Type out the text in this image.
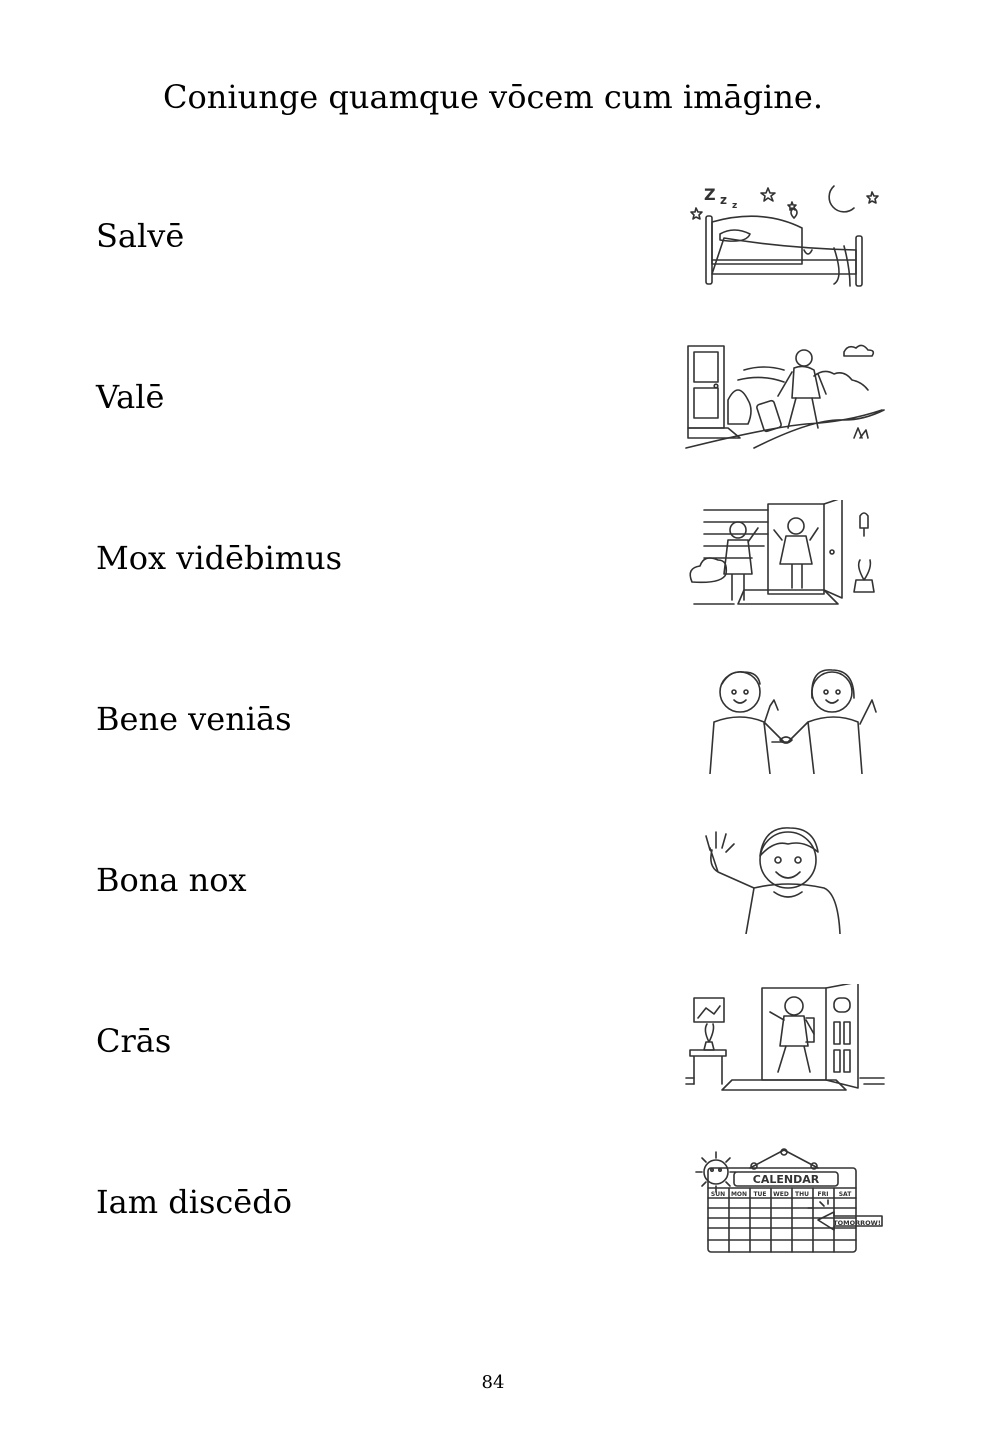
Coniunge quamque vōcem cum imāgine.

Salvē

Valē

Mox vidēbimus

Bene veniās

Bona nox

Crās

Iam discēdō

Z z z
CALENDAR
SUN MON TUE WED THU FRI SAT
TOMORROW!
84
